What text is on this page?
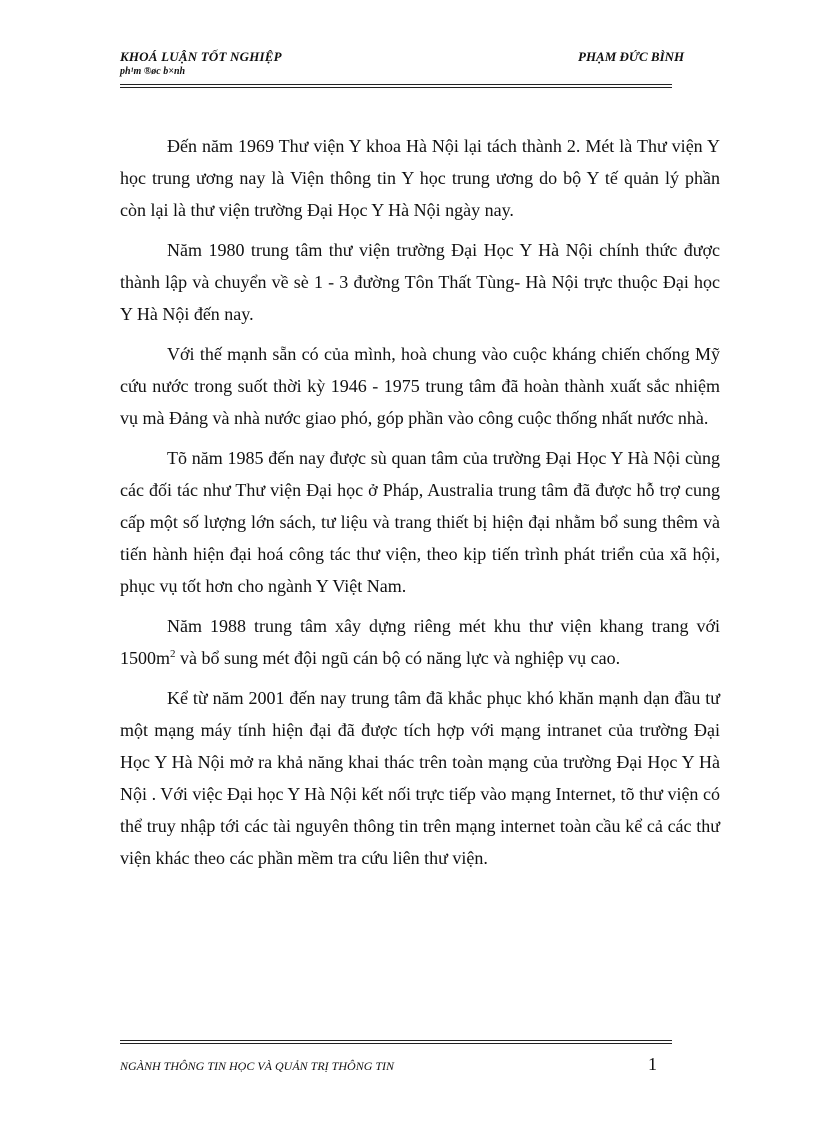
KHOÁ LUẬN TỐT NGHIỆP
ph¹m ®øc b×nh
PHẠM ĐỨC BÌNH

Đến năm 1969 Thư viện Y khoa Hà Nội lại tách thành 2. Mét là Thư viện Y học trung ương nay là Viện thông tin Y học trung ương do bộ Y tế quản lý phần còn lại là thư viện trường Đại Học Y Hà Nội ngày nay.

Năm 1980 trung tâm thư viện trường Đại Học Y Hà Nội chính thức được thành lập và chuyển về sè 1 - 3 đường Tôn Thất Tùng- Hà Nội trực thuộc Đại học Y Hà Nội đến nay.

Với thế mạnh sẵn có của mình, hoà chung vào cuộc kháng chiến chống Mỹ cứu nước trong suốt thời kỳ 1946 - 1975 trung tâm đã hoàn thành xuất sắc nhiệm vụ mà Đảng và nhà nước giao phó, góp phần vào công cuộc thống nhất nước nhà.

Tõ năm 1985 đến nay được sù quan tâm của trường Đại Học Y Hà Nội cùng các đối tác như Thư viện Đại học ở Pháp, Australia trung tâm đã được hỗ trợ cung cấp một số lượng lớn sách, tư liệu và trang thiết bị hiện đại nhằm bổ sung thêm và tiến hành hiện đại hoá công tác thư viện, theo kịp tiến trình phát triển của xã hội, phục vụ tốt hơn cho ngành Y Việt Nam.

Năm 1988 trung tâm xây dựng riêng mét khu thư viện khang trang với $1500m^2$ và bổ sung mét đội ngũ cán bộ có năng lực và nghiệp vụ cao.

Kể từ năm 2001 đến nay trung tâm đã khắc phục khó khăn mạnh dạn đầu tư một mạng máy tính hiện đại đã được tích hợp với mạng intranet của trường Đại Học Y Hà Nội mở ra khả năng khai thác trên toàn mạng của trường Đại Học Y Hà Nội . Với việc Đại học Y Hà Nội kết nối trực tiếp vào mạng Internet, tõ thư viện có thể truy nhập tới các tài nguyên thông tin trên mạng internet toàn cầu kể cả các thư viện khác theo các phần mềm tra cứu liên thư viện.

NGÀNH THÔNG TIN HỌC VÀ QUẢN TRỊ THÔNG TIN	1
